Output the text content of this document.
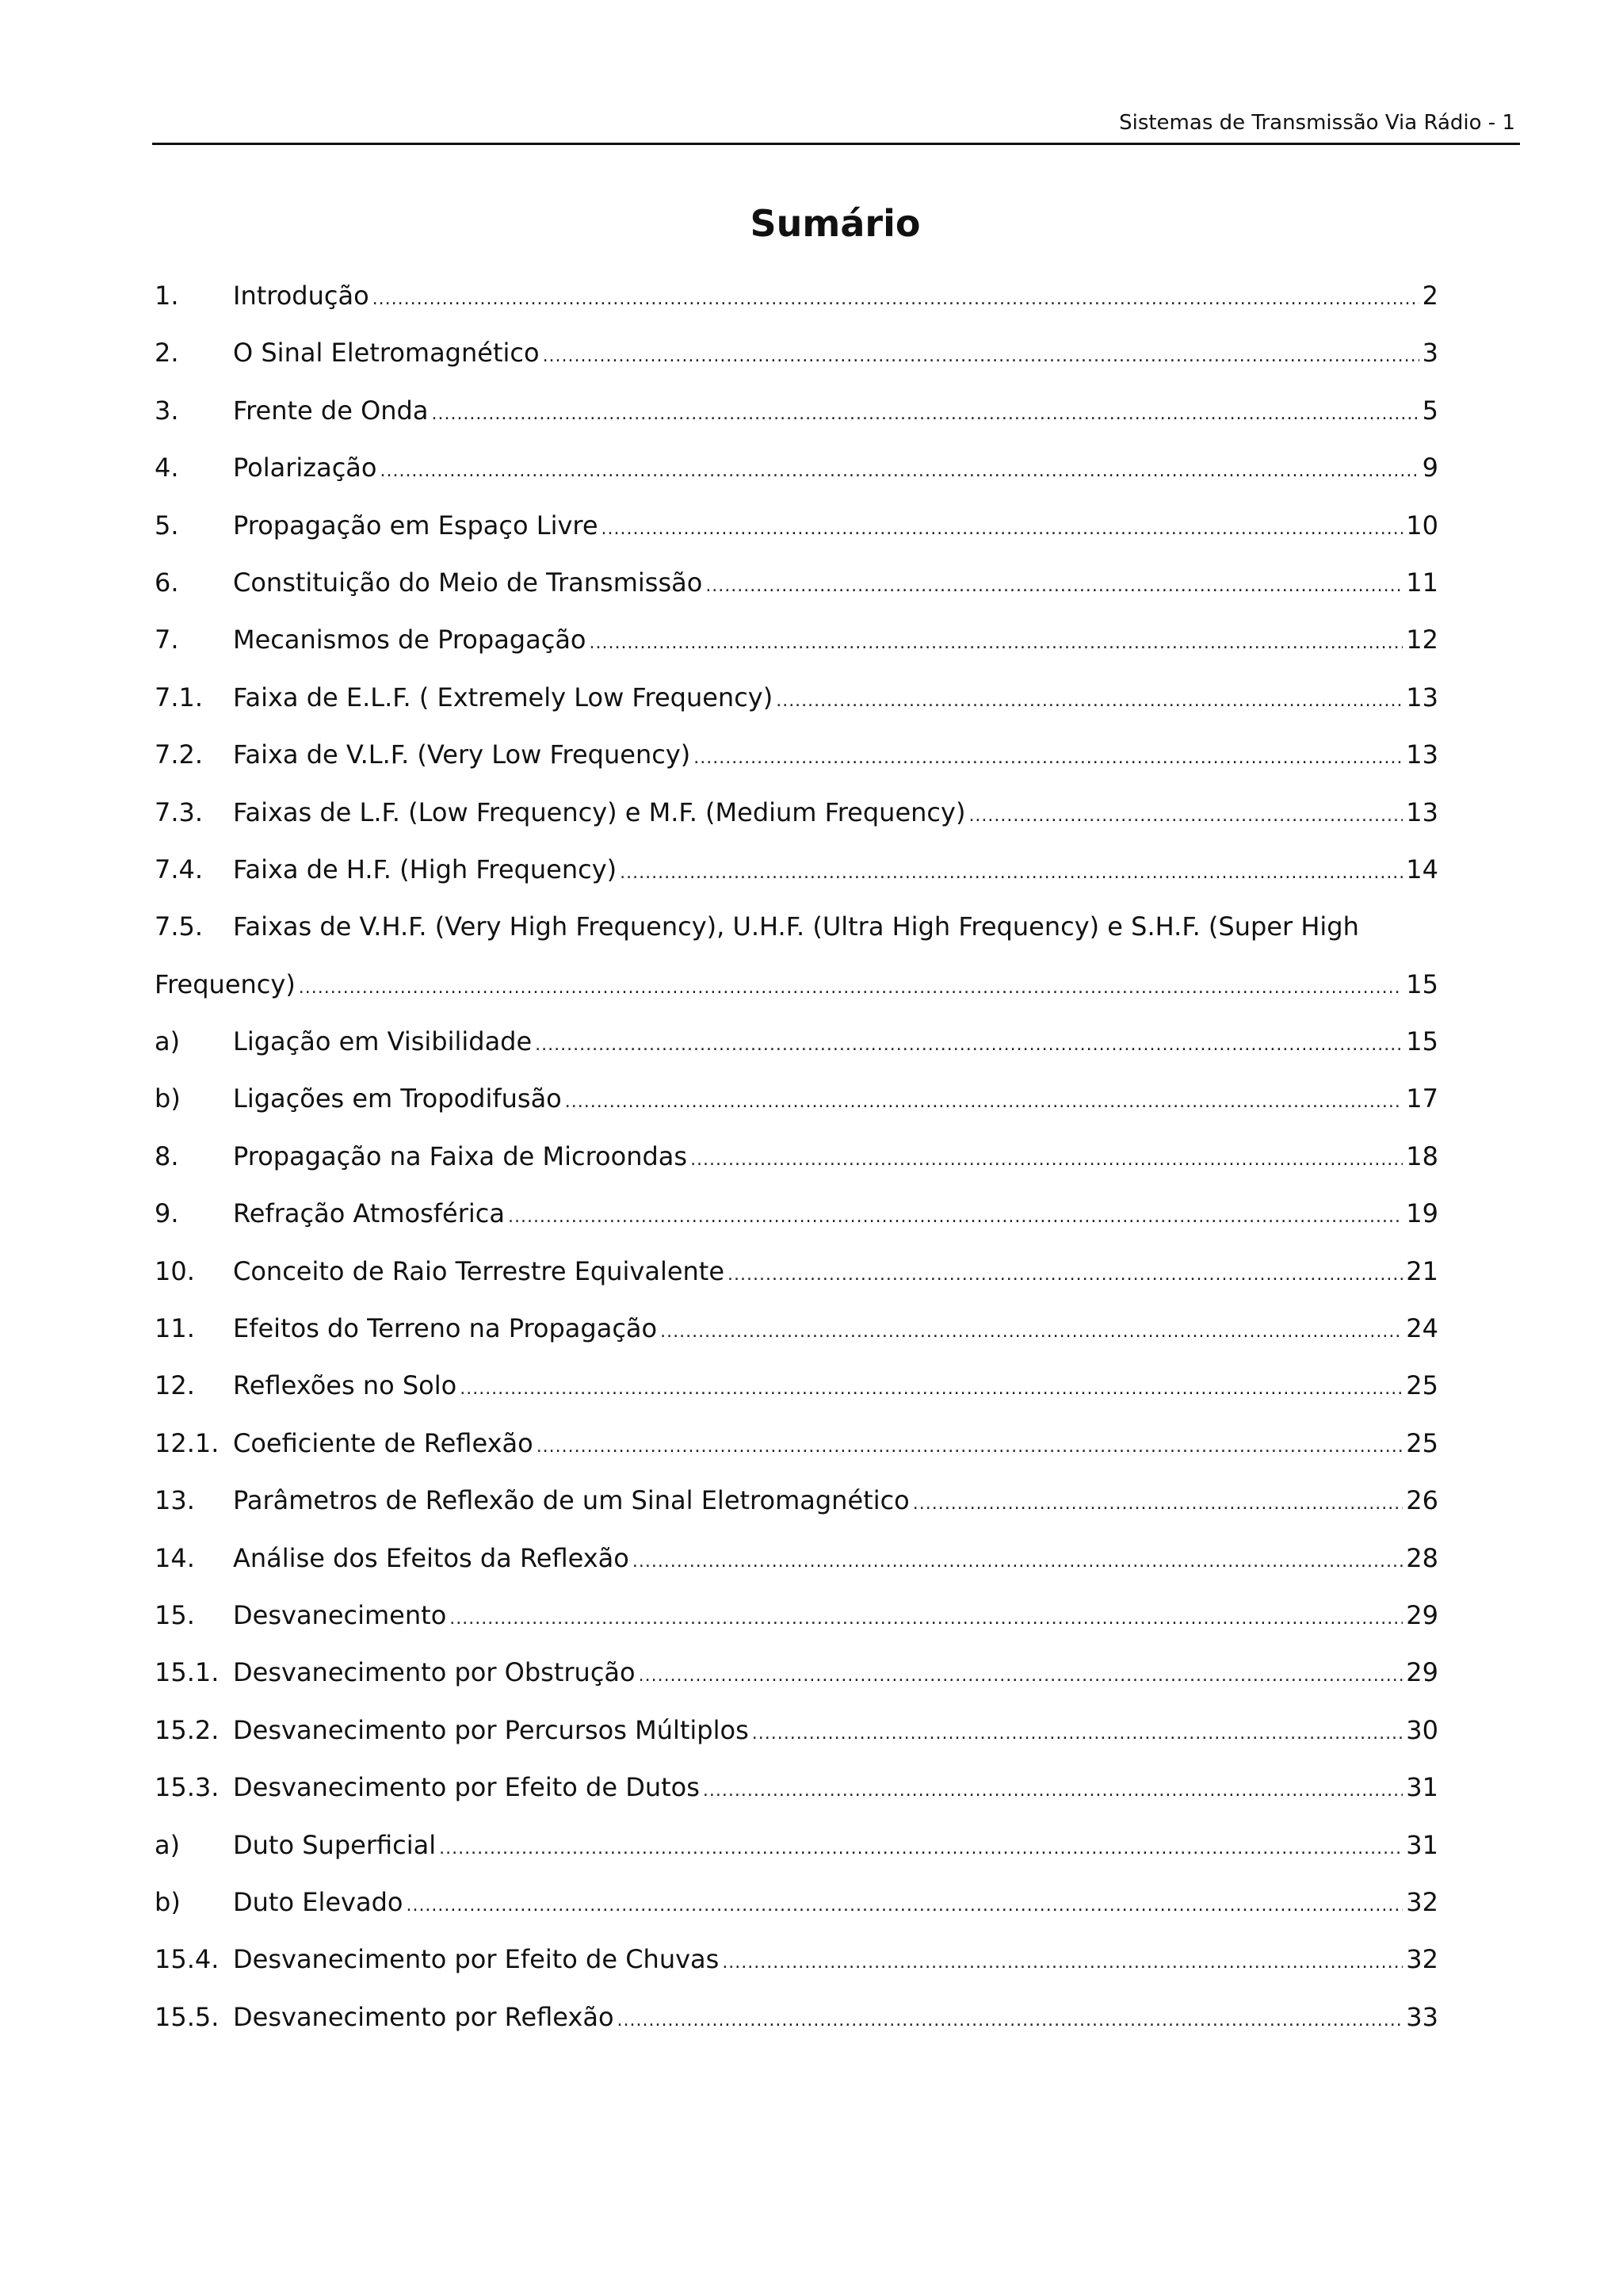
Sistemas de Transmissão Via Rádio - 1
Sumário
1.	Introdução .....	2
2.	O Sinal Eletromagnético .....	3
3.	Frente de Onda .....	5
4.	Polarização .....	9
5.	Propagação em Espaço Livre .....	10
6.	Constituição do Meio de Transmissão .....	11
7.	Mecanismos de Propagação .....	12
7.1.	Faixa de E.L.F. ( Extremely Low Frequency) .....	13
7.2.	Faixa de V.L.F. (Very Low Frequency) .....	13
7.3.	Faixas de L.F. (Low Frequency) e M.F. (Medium Frequency) .....	13
7.4.	Faixa de H.F. (High Frequency) .....	14
7.5.	Faixas de V.H.F. (Very High Frequency), U.H.F. (Ultra High Frequency) e S.H.F. (Super High
Frequency) .....	15
a)	Ligação em Visibilidade .....	15
b)	Ligações em Tropodifusão .....	17
8.	Propagação na Faixa de Microondas .....	18
9.	Refração Atmosférica .....	19
10.	Conceito de Raio Terrestre Equivalente .....	21
11.	Efeitos do Terreno na Propagação .....	24
12.	Reflexões no Solo .....	25
12.1. Coeficiente de Reflexão .....	25
13.	Parâmetros de Reflexão de um Sinal Eletromagnético .....	26
14.	Análise dos Efeitos da Reflexão .....	28
15.	Desvanecimento .....	29
15.1. Desvanecimento por Obstrução .....	29
15.2. Desvanecimento por Percursos Múltiplos .....	30
15.3. Desvanecimento por Efeito de Dutos .....	31
a)	Duto Superficial .....	31
b)	Duto Elevado .....	32
15.4. Desvanecimento por Efeito de Chuvas .....	32
15.5. Desvanecimento por Reflexão .....	33
